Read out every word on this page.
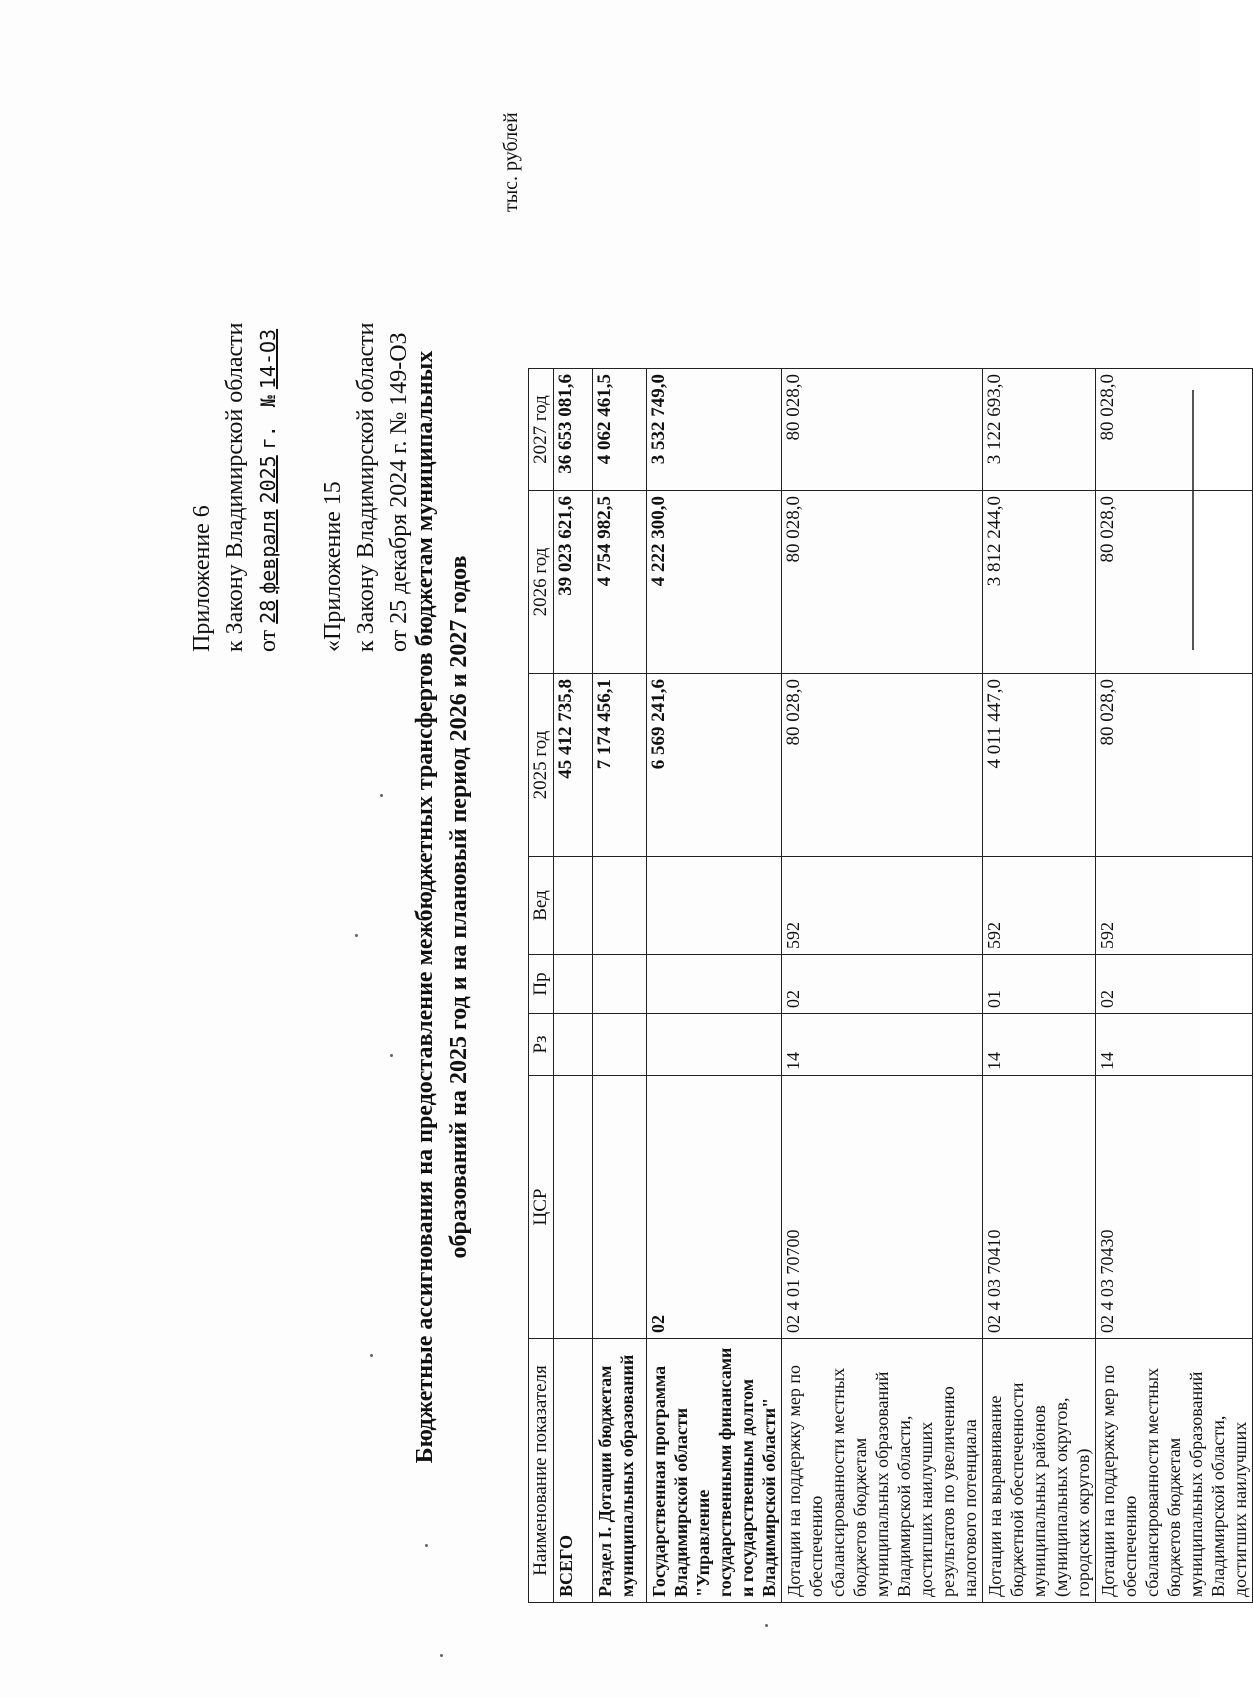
Приложение 6 к Закону Владимирской области от 28 февраля 2025 г.   № 14-ОЗ
«Приложение 15 к Закону Владимирской области от 25 декабря 2024 г. № 149-ОЗ Бюджетные ассигнования на предоставление межбюджетных трансфертов бюджетам муниципальных образований на 2025 год и на плановый период 2026 и 2027 годов
тыс. рублей
Наименование показателя	ЦСР	Рз	Пр	Вед	2025 год	2026 год	2027 год
ВСЕГО					45 412 735,8	39 023 621,6	36 653 081,6
Раздел I. Дотации бюджетам муниципальных образований					7 174 456,1	4 754 982,5	4 062 461,5
Государственная программа Владимирской области "Управление государственными финансами и государственным долгом Владимирской области"	02				6 569 241,6	4 222 300,0	3 532 749,0
Дотации на поддержку мер по обеспечению сбалансированности местных бюджетов бюджетам муниципальных образований Владимирской области, достигших наилучших результатов по увеличению налогового потенциала	02 4 01 70700	14	02	592	80 028,0	80 028,0	80 028,0
Дотации на выравнивание бюджетной обеспеченности муниципальных районов (муниципальных округов, городских округов)	02 4 03 70410	14	01	592	4 011 447,0	3 812 244,0	3 122 693,0
Дотации на поддержку мер по обеспечению сбалансированности местных бюджетов бюджетам муниципальных образований Владимирской области, достигших наилучших	02 4 03 70430	14	02	592	80 028,0	80 028,0	80 028,0
